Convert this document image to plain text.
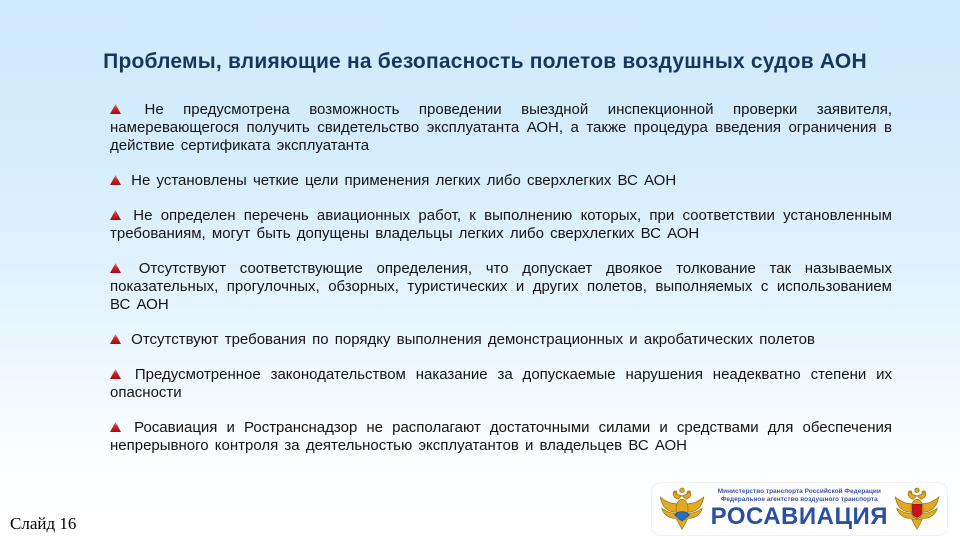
Проблемы, влияющие на безопасность полетов воздушных судов АОН

Не предусмотрена возможность проведении выездной инспекционной проверки заявителя, намеревающегося получить свидетельство эксплуатанта АОН, а также процедура введения ограничения в действие сертификата эксплуатанта

Не установлены четкие цели применения легких либо сверхлегких ВС АОН

Не определен перечень авиационных работ, к выполнению которых, при соответствии установленным требованиям, могут быть допущены владельцы легких либо сверхлегких ВС АОН

Отсутствуют соответствующие определения, что допускает двоякое толкование так называемых показательных, прогулочных, обзорных, туристических и других полетов, выполняемых с использованием ВС АОН

Отсутствуют требования по порядку выполнения демонстрационных и акробатических полетов

Предусмотренное законодательством наказание за допускаемые нарушения неадекватно степени их опасности

Росавиация и Ространснадзор не располагают достаточными силами и средствами для обеспечения непрерывного контроля за деятельностью эксплуатантов и владельцев ВС АОН

Слайд 16

Министерство транспорта Российской Федерации
Федеральное агентство воздушного транспорта
РОСАВИАЦИЯ
